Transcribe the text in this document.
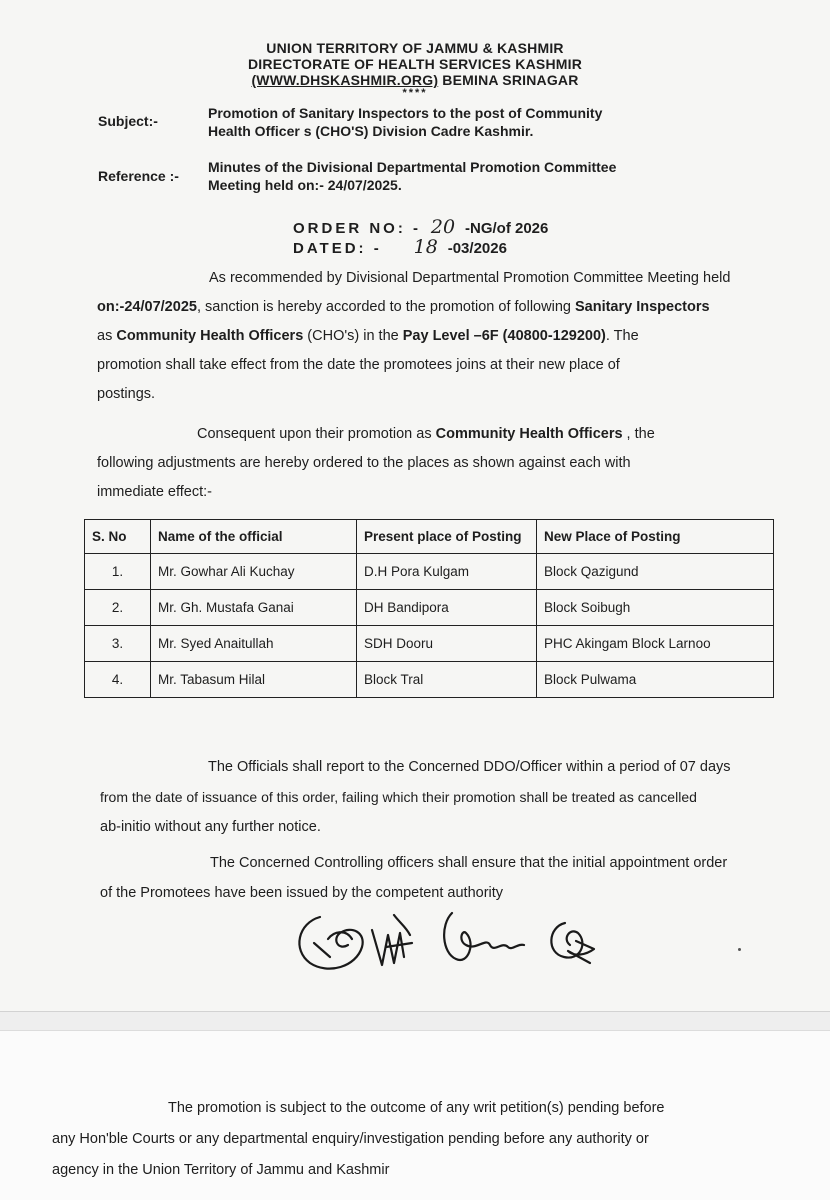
UNION TERRITORY OF JAMMU & KASHMIR
DIRECTORATE OF HEALTH SERVICES KASHMIR
(WWW.DHSKASHMIR.ORG) BEMINA SRINAGAR
****
Subject:-	Promotion of Sanitary Inspectors to the post of Community
Health Officer s (CHO'S) Division Cadre Kashmir.
Reference :-
Minutes of the Divisional Departmental Promotion Committee
Meeting held on:- 24/07/2025.
ORDER NO: - 20 -NG/of 2026
DATED: -	18 -03/2026
As recommended by Divisional Departmental Promotion Committee Meeting held
on:-24/07/2025, sanction is hereby accorded to the promotion of following Sanitary Inspectors
as Community Health Officers (CHO's) in the Pay Level –6F (40800-129200). The
promotion shall take effect from the date the promotees joins at their new place of
postings.
Consequent upon their promotion as Community Health Officers , the
following adjustments are hereby ordered to the places as shown against each with
immediate effect:-
S. No	Name of the official	Present place of Posting	New Place of Posting
1.	Mr. Gowhar Ali Kuchay	D.H Pora Kulgam	Block Qazigund
2.	Mr. Gh. Mustafa Ganai	DH Bandipora	Block Soibugh
3.	Mr. Syed Anaitullah	SDH Dooru	PHC Akingam Block Larnoo
4.	Mr. Tabasum Hilal	Block Tral	Block Pulwama
The Officials shall report to the Concerned DDO/Officer within a period of 07 days
from the date of issuance of this order, failing which their promotion shall be treated as cancelled
ab-initio without any further notice.
The Concerned Controlling officers shall ensure that the initial appointment order
of the Promotees have been issued by the competent authority
The promotion is subject to the outcome of any writ petition(s) pending before
any Hon'ble Courts or any departmental enquiry/investigation pending before any authority or
agency in the Union Territory of Jammu and Kashmir
